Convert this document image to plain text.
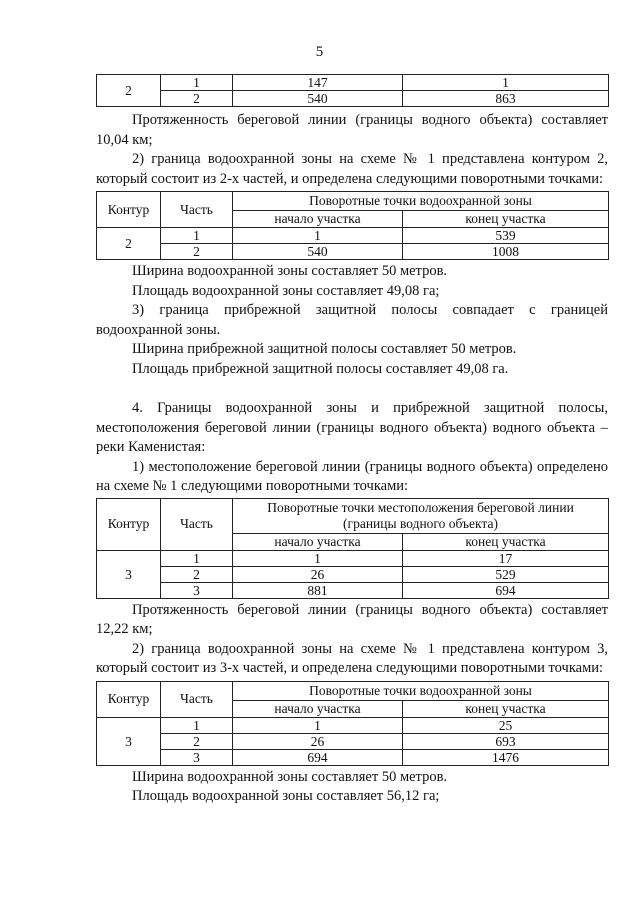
5
2	1	147	1
	2	540	863

Протяженность береговой линии (границы водного объекта) составляет 10,04 км;

2) граница водоохранной зоны на схеме № 1 представлена контуром 2, который состоит из 2-х частей, и определена следующими поворотными точками:

Контур	Часть	Поворотные точки водоохранной зоны	
		начало участка	конец участка
2	1	1	539
	2	540	1008

Ширина водоохранной зоны составляет 50 метров.

Площадь водоохранной зоны составляет 49,08 га;

3) граница прибрежной защитной полосы совпадает с границей водоохранной зоны.

Ширина прибрежной защитной полосы составляет 50 метров.

Площадь прибрежной защитной полосы составляет 49,08 га.

4. Границы водоохранной зоны и прибрежной защитной полосы, местоположения береговой линии (границы водного объекта) водного объекта – реки Каменистая:

1) местоположение береговой линии (границы водного объекта) определено на схеме № 1 следующими поворотными точками:

Контур	Часть	Поворотные точки местоположения береговой линии (границы водного объекта)	
		начало участка	конец участка
3	1	1	17
	2	26	529
	3	881	694

Протяженность береговой линии (границы водного объекта) составляет 12,22 км;

2) граница водоохранной зоны на схеме № 1 представлена контуром 3, который состоит из 3-х частей, и определена следующими поворотными точками:

Контур	Часть	Поворотные точки водоохранной зоны	
		начало участка	конец участка
3	1	1	25
	2	26	693
	3	694	1476

Ширина водоохранной зоны составляет 50 метров.

Площадь водоохранной зоны составляет 56,12 га;
